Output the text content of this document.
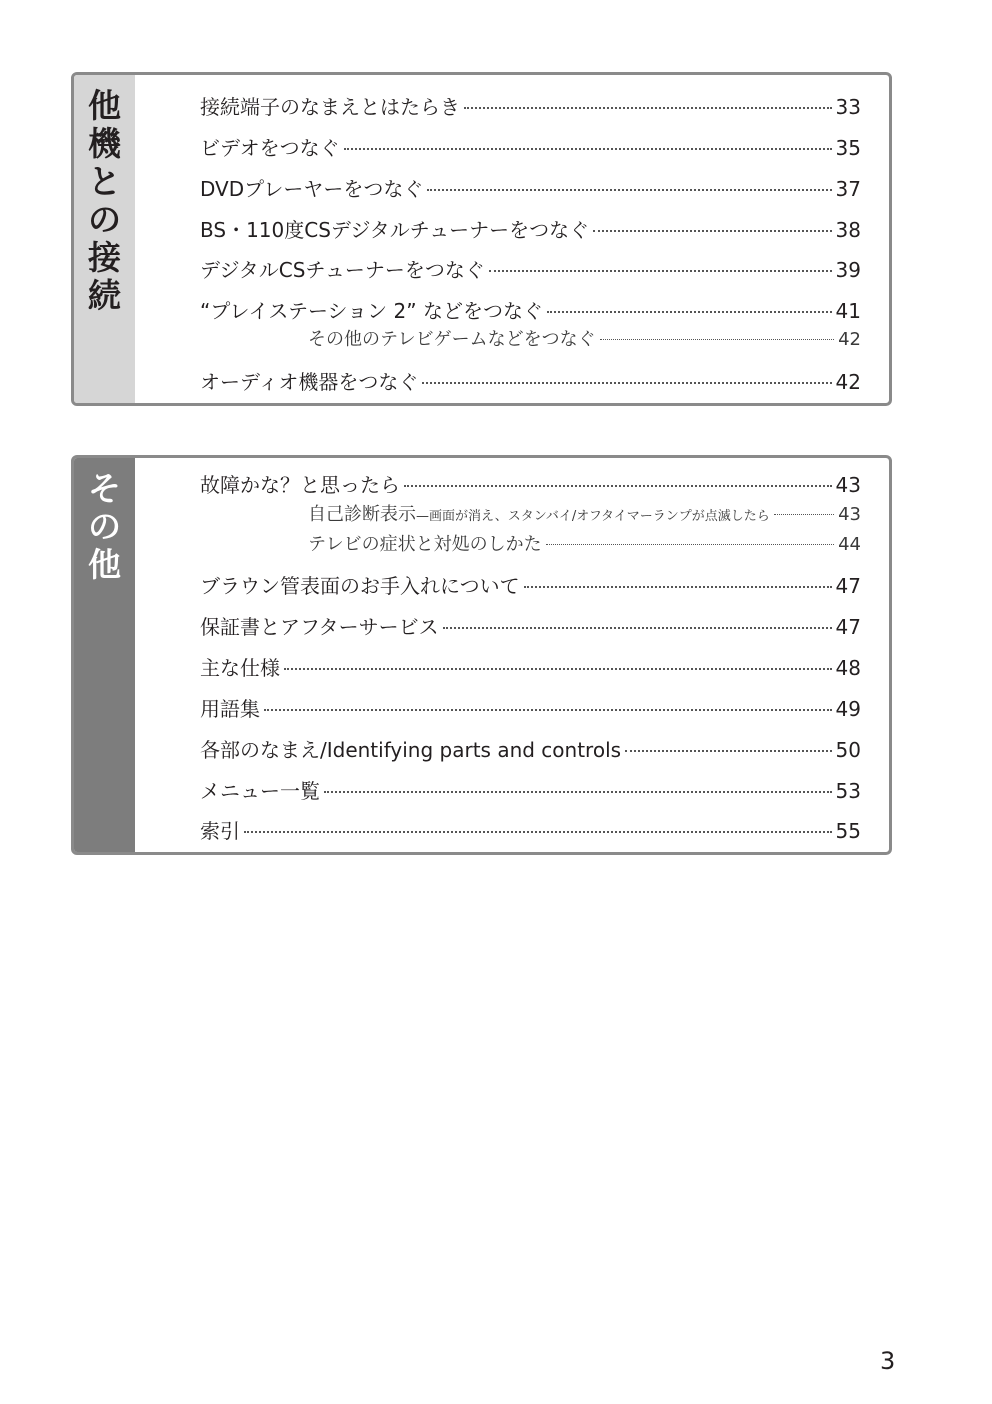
他
機
と
の
接
続
接続端子のなまえとはたらき	33
ビデオをつなぐ	35
DVDプレーヤーをつなぐ	37
BS・110度CSデジタルチューナーをつなぐ	38
デジタルCSチューナーをつなぐ	39
“プレイステーション 2” などをつなぐ	41
その他のテレビゲームなどをつなぐ	42
オーディオ機器をつなぐ	42
そ
の
他
故障かな？と思ったら	43
自己診断表示—画面が消え、スタンバイ/オフタイマーランプが点滅したら	43
テレビの症状と対処のしかた	44
ブラウン管表面のお手入れについて	47
保証書とアフターサービス	47
主な仕様	48
用語集	49
各部のなまえ/Identifying parts and controls	50
メニュー一覧	53
索引	55
3
